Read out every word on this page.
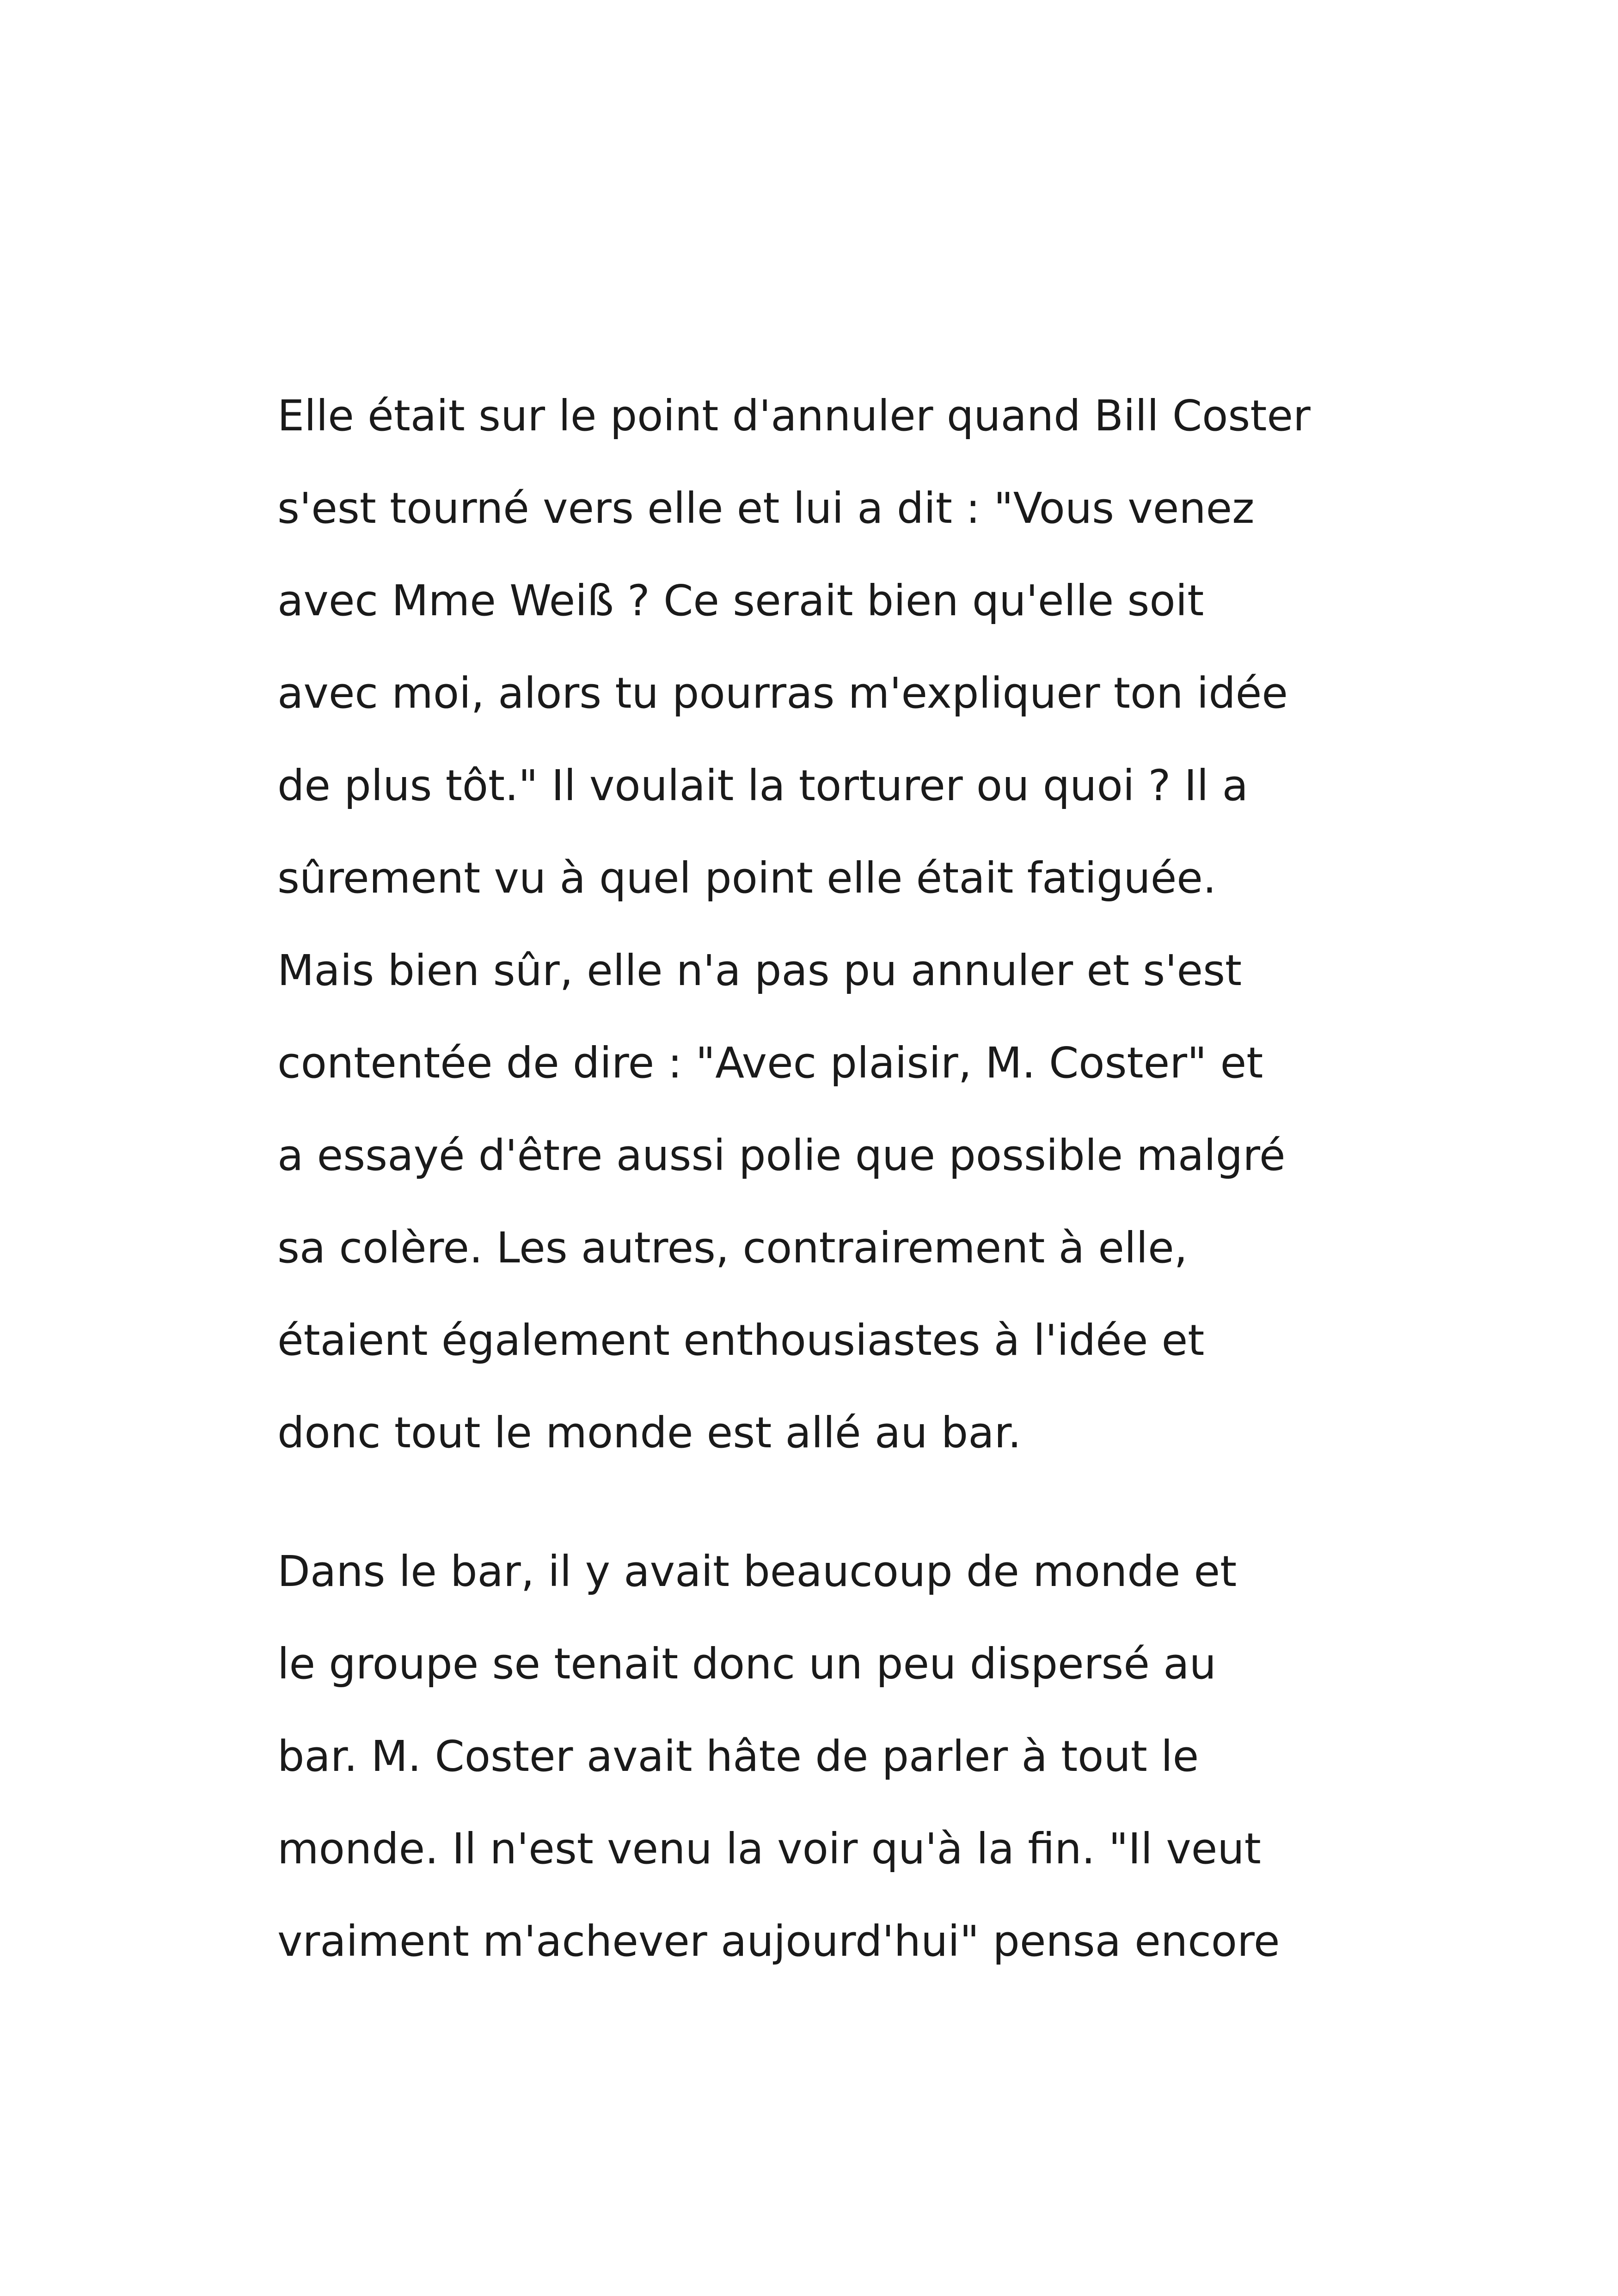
Elle était sur le point d'annuler quand Bill Coster
s'est tourné vers elle et lui a dit : "Vous venez
avec Mme Weiß ? Ce serait bien qu'elle soit
avec moi, alors tu pourras m'expliquer ton idée
de plus tôt." Il voulait la torturer ou quoi ? Il a
sûrement vu à quel point elle était fatiguée.
Mais bien sûr, elle n'a pas pu annuler et s'est
contentée de dire : "Avec plaisir, M. Coster" et
a essayé d'être aussi polie que possible malgré
sa colère. Les autres, contrairement à elle,
étaient également enthousiastes à l'idée et
donc tout le monde est allé au bar.
Dans le bar, il y avait beaucoup de monde et
le groupe se tenait donc un peu dispersé au
bar. M. Coster avait hâte de parler à tout le
monde. Il n'est venu la voir qu'à la fin. "Il veut
vraiment m'achever aujourd'hui" pensa encore
